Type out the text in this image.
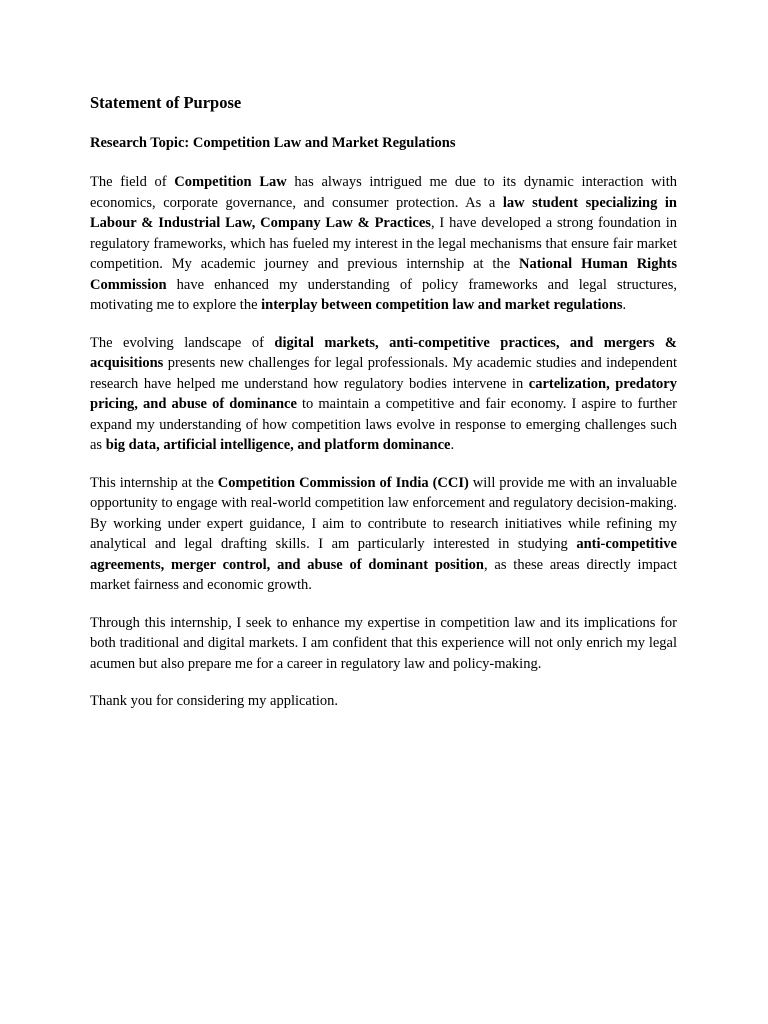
Statement of Purpose
Research Topic: Competition Law and Market Regulations

The field of Competition Law has always intrigued me due to its dynamic interaction with economics, corporate governance, and consumer protection. As a law student specializing in Labour & Industrial Law, Company Law & Practices, I have developed a strong foundation in regulatory frameworks, which has fueled my interest in the legal mechanisms that ensure fair market competition. My academic journey and previous internship at the National Human Rights Commission have enhanced my understanding of policy frameworks and legal structures, motivating me to explore the interplay between competition law and market regulations.

The evolving landscape of digital markets, anti-competitive practices, and mergers & acquisitions presents new challenges for legal professionals. My academic studies and independent research have helped me understand how regulatory bodies intervene in cartelization, predatory pricing, and abuse of dominance to maintain a competitive and fair economy. I aspire to further expand my understanding of how competition laws evolve in response to emerging challenges such as big data, artificial intelligence, and platform dominance.

This internship at the Competition Commission of India (CCI) will provide me with an invaluable opportunity to engage with real-world competition law enforcement and regulatory decision-making. By working under expert guidance, I aim to contribute to research initiatives while refining my analytical and legal drafting skills. I am particularly interested in studying anti-competitive agreements, merger control, and abuse of dominant position, as these areas directly impact market fairness and economic growth.

Through this internship, I seek to enhance my expertise in competition law and its implications for both traditional and digital markets. I am confident that this experience will not only enrich my legal acumen but also prepare me for a career in regulatory law and policy-making.

Thank you for considering my application.
